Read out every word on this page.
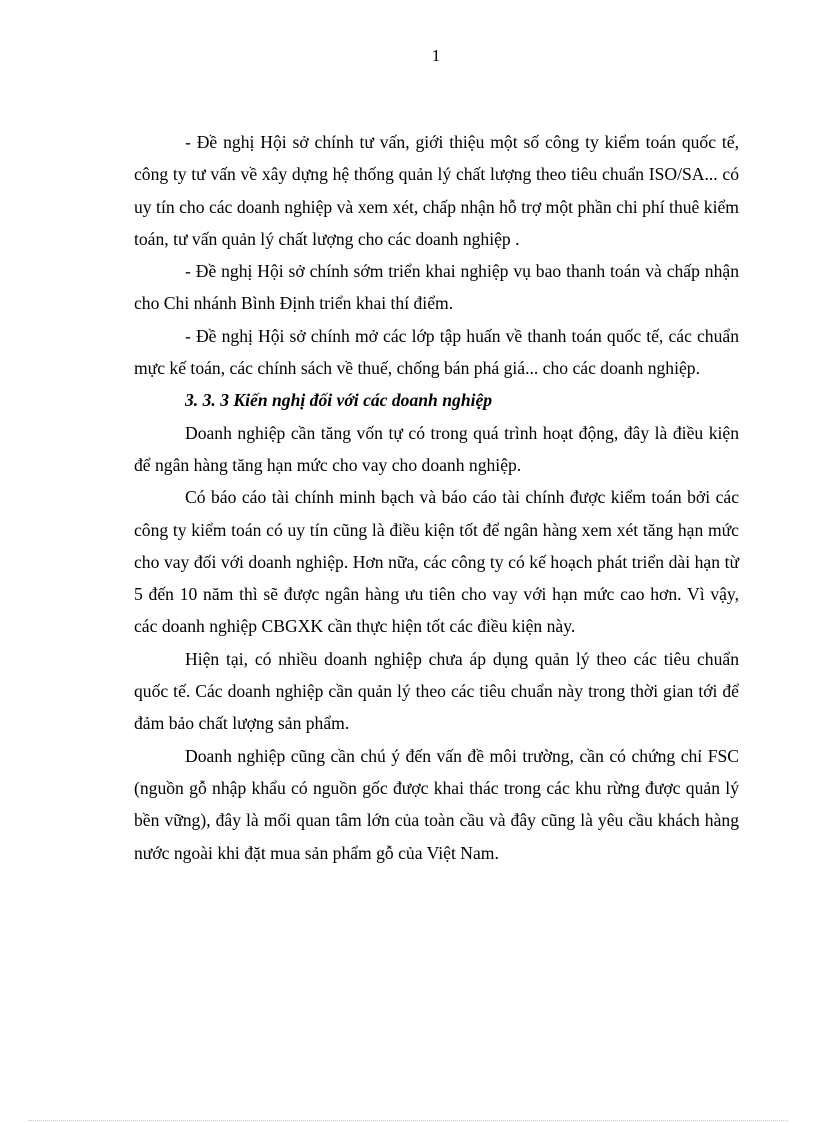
1

- Đề nghị Hội sở chính tư vấn, giới thiệu một số công ty kiểm toán quốc tế, công ty tư vấn về xây dựng hệ thống quản lý chất lượng theo tiêu chuẩn ISO/SA... có uy tín cho các doanh nghiệp và xem xét, chấp nhận hỗ trợ một phần chi phí thuê kiểm toán, tư vấn quản lý chất lượng cho các doanh nghiệp .

- Đề nghị Hội sở chính sớm triển khai nghiệp vụ bao thanh toán và chấp nhận cho Chi nhánh Bình Định triển khai thí điểm.

- Đề nghị Hội sở chính mở các lớp tập huấn về thanh toán quốc tế, các chuẩn mực kế toán, các chính sách về thuế, chống bán phá giá... cho các doanh nghiệp.

3. 3. 3 Kiến nghị đối với các doanh nghiệp

Doanh nghiệp cần tăng vốn tự có trong quá trình hoạt động, đây là điều kiện để ngân hàng tăng hạn mức cho vay cho doanh nghiệp.

Có báo cáo tài chính minh bạch và báo cáo tài chính được kiểm toán bởi các công ty kiểm toán có uy tín cũng là điều kiện tốt để ngân hàng xem xét tăng hạn mức cho vay đối với doanh nghiệp. Hơn nữa, các công ty có kế hoạch phát triển dài hạn từ 5 đến 10 năm thì sẽ được ngân hàng ưu tiên cho vay với hạn mức cao hơn. Vì vậy, các doanh nghiệp CBGXK cần thực hiện tốt các điều kiện này.

Hiện tại, có nhiều doanh nghiệp chưa áp dụng quản lý theo các tiêu chuẩn quốc tế. Các doanh nghiệp cần quản lý theo các tiêu chuẩn này trong thời gian tới để đảm bảo chất lượng sản phẩm.

Doanh nghiệp cũng cần chú ý đến vấn đề môi trường, cần có chứng chỉ FSC (nguồn gỗ nhập khẩu có nguồn gốc được khai thác trong các khu rừng được quản lý bền vững), đây là mối quan tâm lớn của toàn cầu và đây cũng là yêu cầu khách hàng nước ngoài khi đặt mua sản phẩm gỗ của Việt Nam.
